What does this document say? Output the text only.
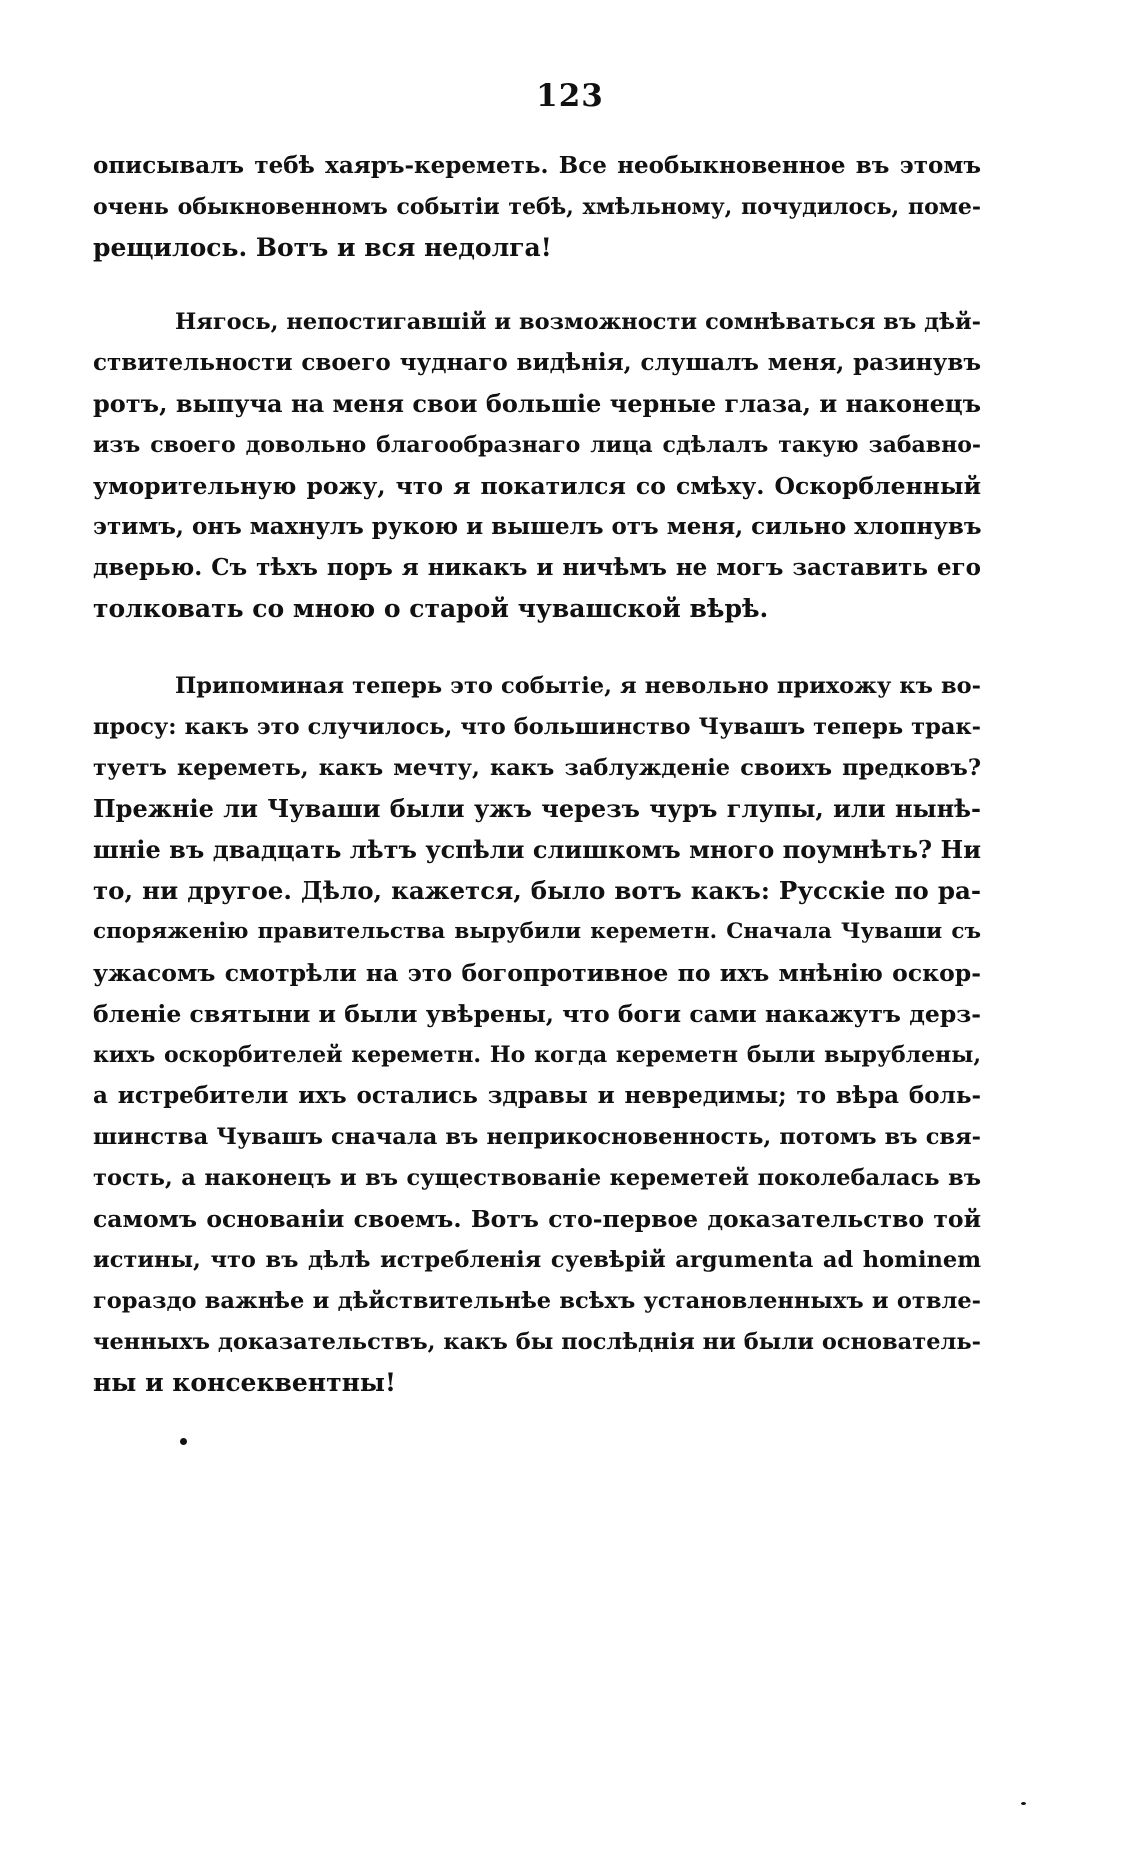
123
описывалъ тебѣ хаяръ-кереметь. Все необыкновенное въ этомъ
очень обыкновенномъ событiи тебѣ, хмѣльному, почудилось, поме-
рещилось. Вотъ и вся недолга!
Нягось, непостигавшiй и возможности сомнѣваться въ дѣй-
ствительности своего чуднаго видѣнiя, слушалъ меня, разинувъ
ротъ, выпуча на меня свои большiе черные глаза, и наконецъ
изъ своего довольно благообразнаго лица сдѣлалъ такую забавно-
уморительную рожу, что я покатился со смѣху. Оскорбленный
этимъ, онъ махнулъ рукою и вышелъ отъ меня, сильно хлопнувъ
дверью. Съ тѣхъ поръ я никакъ и ничѣмъ не могъ заставить его
толковать со мною о старой чувашской вѣрѣ.
Припоминая теперь это событiе, я невольно прихожу къ во-
просу: какъ это случилось, что большинство Чувашъ теперь трак-
туетъ кереметь, какъ мечту, какъ заблужденiе своихъ предковъ?
Прежнiе ли Чуваши были ужъ черезъ чуръ глупы, или нынѣ-
шнiе въ двадцать лѣтъ успѣли слишкомъ много поумнѣть? Ни
то, ни другое. Дѣло, кажется, было вотъ какъ: Русскiе по ра-
споряженiю правительства вырубили кереметн. Сначала Чуваши съ
ужасомъ смотрѣли на это богопротивное по ихъ мнѣнiю оскор-
бленiе святыни и были увѣрены, что боги сами накажутъ дерз-
кихъ оскорбителей кереметн. Но когда кереметн были вырублены,
а истребители ихъ остались здравы и невредимы; то вѣра боль-
шинства Чувашъ сначала въ неприкосновенность, потомъ въ свя-
тость, а наконецъ и въ существованiе кереметей поколебалась въ
самомъ основанiи своемъ. Вотъ сто-первое доказательство той
истины, что въ дѣлѣ истребленiя суевѣрiй argumenta ad hominem
гораздо важнѣе и дѣйствительнѣе всѣхъ установленныхъ и отвле-
ченныхъ доказательствъ, какъ бы послѣднiя ни были основатель-
ны и консеквентны!
